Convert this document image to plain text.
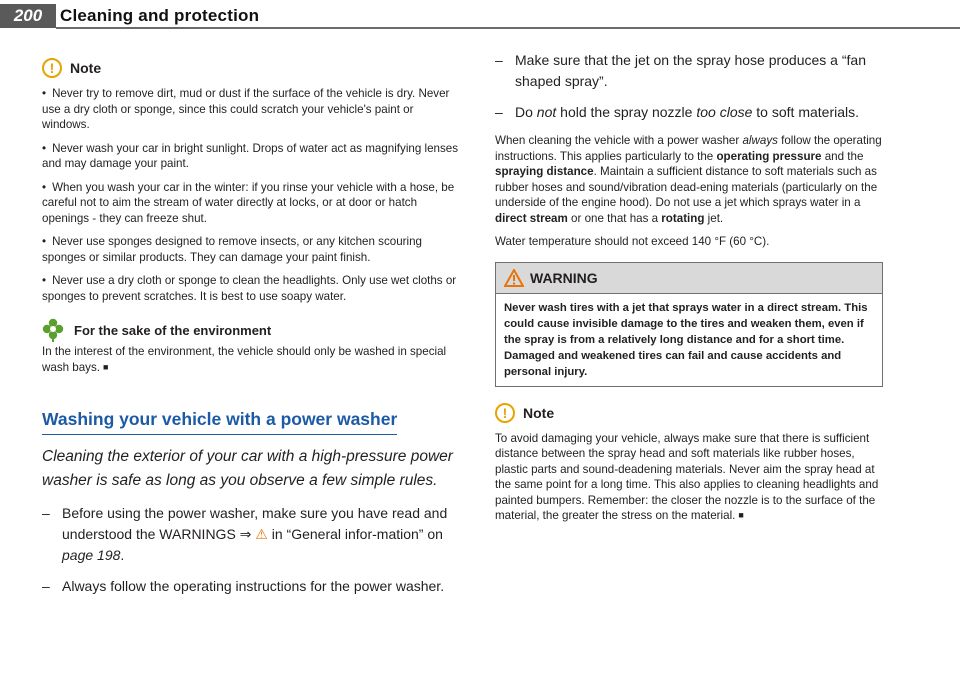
200	Cleaning and protection
!	Note

• Never try to remove dirt, mud or dust if the surface of the vehicle is dry. Never use a dry cloth or sponge, since this could scratch your vehicle's paint or windows.

• Never wash your car in bright sunlight. Drops of water act as magnifying lenses and may damage your paint.

• When you wash your car in the winter: if you rinse your vehicle with a hose, be careful not to aim the stream of water directly at locks, or at door or hatch openings - they can freeze shut.

• Never use sponges designed to remove insects, or any kitchen scouring sponges or similar products. They can damage your paint finish.

• Never use a dry cloth or sponge to clean the headlights. Only use wet cloths or sponges to prevent scratches. It is best to use soapy water.

For the sake of the environment

In the interest of the environment, the vehicle should only be washed in special wash bays. ■

Washing your vehicle with a power washer

Cleaning the exterior of your car with a high-pressure power washer is safe as long as you observe a few simple rules.

– Before using the power washer, make sure you have read and understood the WARNINGS ⇒ ⚠ in “General infor-mation” on page 198.

– Always follow the operating instructions for the power washer.

– Make sure that the jet on the spray hose produces a “fan shaped spray”.

– Do not hold the spray nozzle too close to soft materials.

When cleaning the vehicle with a power washer always follow the operating instructions. This applies particularly to the operating pressure and the spraying distance. Maintain a sufficient distance to soft materials such as rubber hoses and sound/vibration dead-ening materials (particularly on the underside of the engine hood). Do not use a jet which sprays water in a direct stream or one that has a rotating jet.

Water temperature should not exceed 140 °F (60 °C).

WARNING
Never wash tires with a jet that sprays water in a direct stream. This could cause invisible damage to the tires and weaken them, even if the spray is from a relatively long distance and for a short time. Damaged and weakened tires can fail and cause accidents and personal injury.
!	Note

To avoid damaging your vehicle, always make sure that there is sufficient distance between the spray head and soft materials like rubber hoses, plastic parts and sound-deadening materials. Never aim the spray head at the same point for a long time. This also applies to cleaning headlights and painted bumpers. Remember: the closer the nozzle is to the surface of the material, the greater the stress on the material. ■
